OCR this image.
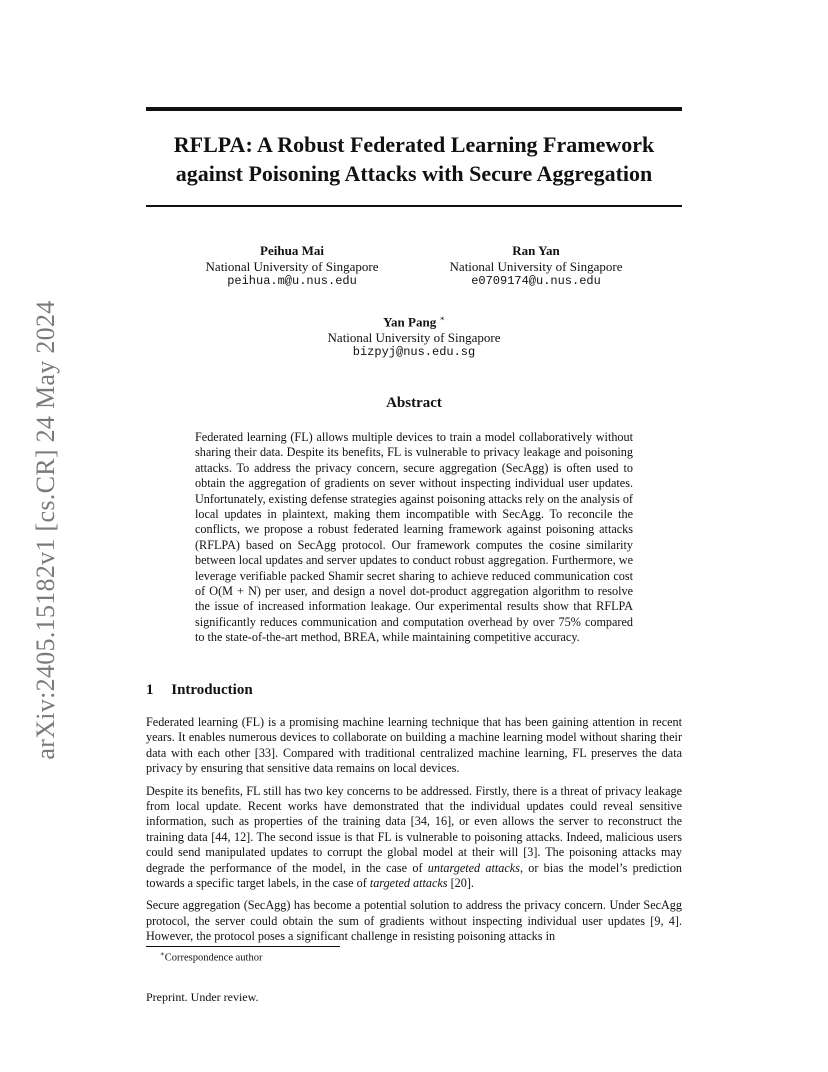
arXiv:2405.15182v1 [cs.CR] 24 May 2024
RFLPA: A Robust Federated Learning Framework
against Poisoning Attacks with Secure Aggregation
Peihua Mai
National University of Singapore
peihua.m@u.nus.edu
Ran Yan
National University of Singapore
e0709174@u.nus.edu
Yan Pang ∗
National University of Singapore
bizpyj@nus.edu.sg
Abstract

Federated learning (FL) allows multiple devices to train a model collaboratively without sharing their data. Despite its benefits, FL is vulnerable to privacy leakage and poisoning attacks. To address the privacy concern, secure aggregation (SecAgg) is often used to obtain the aggregation of gradients on sever without inspecting individual user updates. Unfortunately, existing defense strategies against poisoning attacks rely on the analysis of local updates in plaintext, making them incompatible with SecAgg. To reconcile the conflicts, we propose a robust federated learning framework against poisoning attacks (RFLPA) based on SecAgg protocol. Our framework computes the cosine similarity between local updates and server updates to conduct robust aggregation. Furthermore, we leverage verifiable packed Shamir secret sharing to achieve reduced communication cost of O(M + N) per user, and design a novel dot-product aggregation algorithm to resolve the issue of increased information leakage. Our experimental results show that RFLPA significantly reduces communication and computation overhead by over 75% compared to the state-of-the-art method, BREA, while maintaining competitive accuracy.

1 Introduction

Federated learning (FL) is a promising machine learning technique that has been gaining attention in recent years. It enables numerous devices to collaborate on building a machine learning model without sharing their data with each other [33]. Compared with traditional centralized machine learning, FL preserves the data privacy by ensuring that sensitive data remains on local devices.

Despite its benefits, FL still has two key concerns to be addressed. Firstly, there is a threat of privacy leakage from local update. Recent works have demonstrated that the individual updates could reveal sensitive information, such as properties of the training data [34, 16], or even allows the server to reconstruct the training data [44, 12]. The second issue is that FL is vulnerable to poisoning attacks. Indeed, malicious users could send manipulated updates to corrupt the global model at their will [3]. The poisoning attacks may degrade the performance of the model, in the case of untargeted attacks, or bias the model’s prediction towards a specific target labels, in the case of targeted attacks [20].

Secure aggregation (SecAgg) has become a potential solution to address the privacy concern. Under SecAgg protocol, the server could obtain the sum of gradients without inspecting individual user updates [9, 4]. However, the protocol poses a significant challenge in resisting poisoning attacks in

∗Correspondence author
Preprint. Under review.
